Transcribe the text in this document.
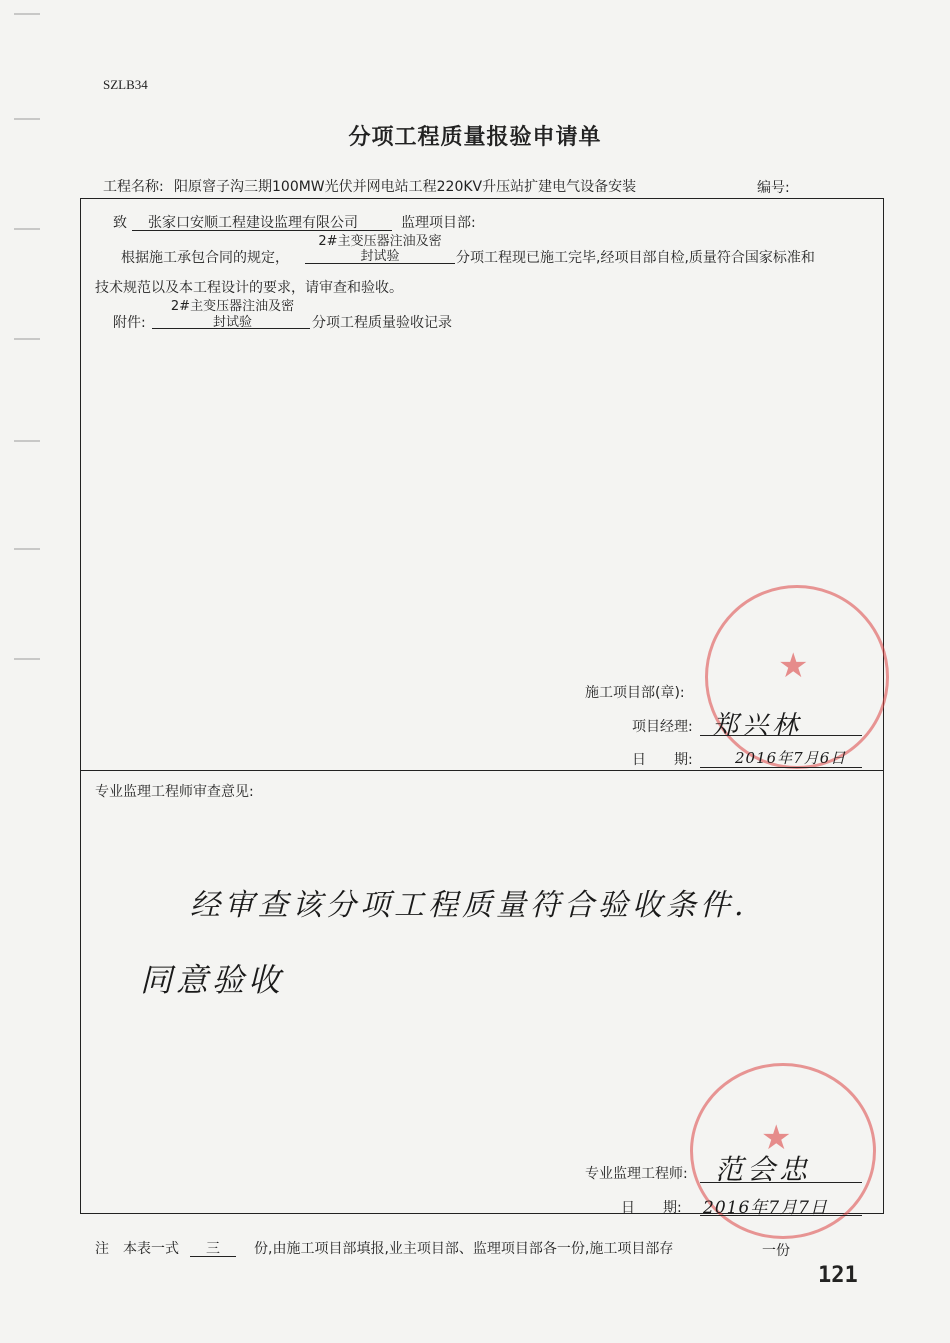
SZLB34
分项工程质量报验申请单
工程名称: 阳原窨子沟三期100MW光伏并网电站工程220KV升压站扩建电气设备安装	编号:
致 张家口安顺工程建设监理有限公司	监理项目部:
2#主变压器注油及密
根据施工承包合同的规定，	封试验	分项工程现已施工完毕,经项目部自检,质量符合国家标准和
技术规范以及本工程设计的要求，请审查和验收。
2#主变压器注油及密
附件:	封试验	分项工程质量验收记录
★
施工项目部(章):
项目经理: 郑兴林
日　　期:	2016年7月6日
专业监理工程师审查意见:
经审查该分项工程质量符合验收条件.
同意验收
★
专业监理工程师: 范会忠
日　　期: 2016年7月7日
注　本表一式	三	份,由施工项目部填报,业主项目部、监理项目部各一份,施工项目部存	一份
121
